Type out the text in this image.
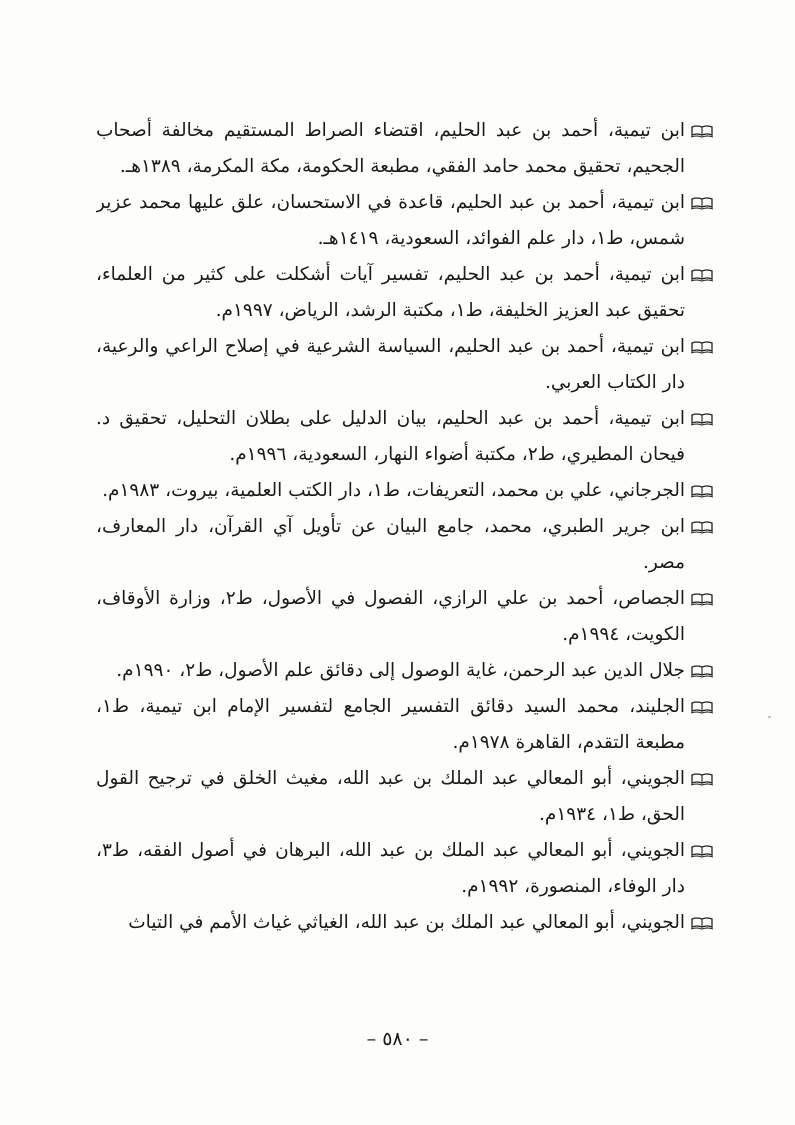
ابن تيمية، أحمد بن عبد الحليم، اقتضاء الصراط المستقيم مخالفة أصحاب الجحيم، تحقيق محمد حامد الفقي، مطبعة الحكومة، مكة المكرمة، ١٣٨٩هـ.
ابن تيمية، أحمد بن عبد الحليم، قاعدة في الاستحسان، علق عليها محمد عزير شمس، ط١، دار علم الفوائد، السعودية، ١٤١٩هـ.
ابن تيمية، أحمد بن عبد الحليم، تفسير آيات أشكلت على كثير من العلماء، تحقيق عبد العزيز الخليفة، ط١، مكتبة الرشد، الرياض، ١٩٩٧م.
ابن تيمية، أحمد بن عبد الحليم، السياسة الشرعية في إصلاح الراعي والرعية، دار الكتاب العربي.
ابن تيمية، أحمد بن عبد الحليم، بيان الدليل على بطلان التحليل، تحقيق د. فيحان المطيري، ط٢، مكتبة أضواء النهار، السعودية، ١٩٩٦م.
الجرجاني، علي بن محمد، التعريفات، ط١، دار الكتب العلمية، بيروت، ١٩٨٣م.
ابن جرير الطبري، محمد، جامع البيان عن تأويل آي القرآن، دار المعارف، مصر.
الجصاص، أحمد بن علي الرازي، الفصول في الأصول، ط٢، وزارة الأوقاف، الكويت، ١٩٩٤م.
جلال الدين عبد الرحمن، غاية الوصول إلى دقائق علم الأصول، ط٢، ١٩٩٠م.
الجليند، محمد السيد دقائق التفسير الجامع لتفسير الإمام ابن تيمية، ط١، مطبعة التقدم، القاهرة ١٩٧٨م.
الجويني، أبو المعالي عبد الملك بن عبد الله، مغيث الخلق في ترجيح القول الحق، ط١، ١٩٣٤م.
الجويني، أبو المعالي عبد الملك بن عبد الله، البرهان في أصول الفقه، ط٣، دار الوفاء، المنصورة، ١٩٩٢م.
الجويني، أبو المعالي عبد الملك بن عبد الله، الغياثي غياث الأمم في التياث
– ٥٨٠ –
